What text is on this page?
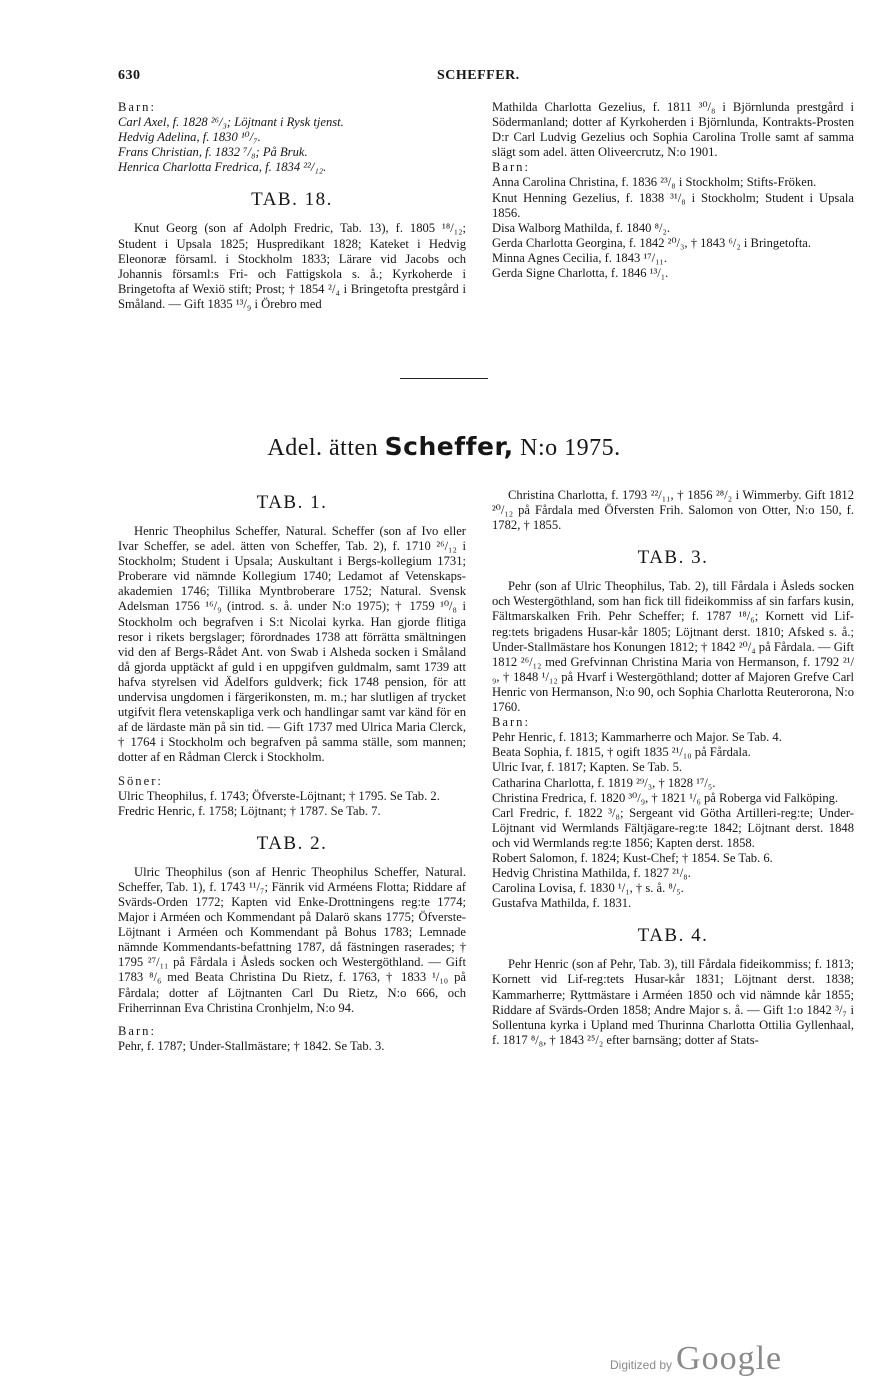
630	SCHEFFER.

Barn:

Carl Axel, f. 1828 ²⁶/₃; Löjtnant i Rysk tjenst.

Hedvig Adelina, f. 1830 ¹⁰/₇.

Frans Christian, f. 1832 ⁷/₈; På Bruk.

Henrica Charlotta Fredrica, f. 1834 ²²/₁₂.

TAB. 18.

Knut Georg (son af Adolph Fredric, Tab. 13), f. 1805 ¹⁸/₁₂; Student i Upsala 1825; Huspredikant 1828; Kateket i Hedvig Eleonoræ församl. i Stockholm 1833; Lärare vid Jacobs och Johannis församl:s Fri- och Fattigskola s. å.; Kyrkoherde i Bringetofta af Wexiö stift; Prost; † 1854 ²/₄ i Bringetofta prestgård i Småland. — Gift 1835 ¹³/₉ i Örebro med

Mathilda Charlotta Gezelius, f. 1811 ³⁰/₈ i Björnlunda prestgård i Södermanland; dotter af Kyrkoherden i Björnlunda, Kontrakts-Prosten D:r Carl Ludvig Gezelius och Sophia Carolina Trolle samt af samma slägt som adel. ätten Oliveercrutz, N:o 1901.

Barn:

Anna Carolina Christina, f. 1836 ²³/₈ i Stockholm; Stifts-Fröken.

Knut Henning Gezelius, f. 1838 ³¹/₈ i Stockholm; Student i Upsala 1856.

Disa Walborg Mathilda, f. 1840 ⁸/₂.

Gerda Charlotta Georgina, f. 1842 ²⁰/₃, † 1843 ⁶/₂ i Bringetofta.

Minna Agnes Cecilia, f. 1843 ¹⁷/₁₁.

Gerda Signe Charlotta, f. 1846 ¹³/₁.

Adel. ätten Scheffer, N:o 1975.
TAB. 1.

Henric Theophilus Scheffer, Natural. Scheffer (son af Ivo eller Ivar Scheffer, se adel. ätten von Scheffer, Tab. 2), f. 1710 ²⁶/₁₂ i Stockholm; Student i Upsala; Auskultant i Bergs-kollegium 1731; Proberare vid nämnde Kollegium 1740; Ledamot af Vetenskaps-akademien 1746; Tillika Myntbroberare 1752; Natural. Svensk Adelsman 1756 ¹⁶/₉ (introd. s. å. under N:o 1975); † 1759 ¹⁰/₈ i Stockholm och begrafven i S:t Nicolai kyrka. Han gjorde flitiga resor i rikets bergslager; förordnades 1738 att förrätta smältningen vid den af Bergs-Rådet Ant. von Swab i Alsheda socken i Småland då gjorda upptäckt af guld i en uppgifven guldmalm, samt 1739 att hafva styrelsen vid Ädelfors guldverk; fick 1748 pension, för att undervisa ungdomen i färgerikonsten, m. m.; har slutligen af trycket utgifvit flera vetenskapliga verk och handlingar samt var känd för en af de lärdaste män på sin tid. — Gift 1737 med Ulrica Maria Clerck, † 1764 i Stockholm och begrafven på samma ställe, som mannen; dotter af en Rådman Clerck i Stockholm.

Söner:

Ulric Theophilus, f. 1743; Öfverste-Löjtnant; † 1795. Se Tab. 2.

Fredric Henric, f. 1758; Löjtnant; † 1787. Se Tab. 7.

TAB. 2.

Ulric Theophilus (son af Henric Theophilus Scheffer, Natural. Scheffer, Tab. 1), f. 1743 ¹¹/₇; Fänrik vid Arméens Flotta; Riddare af Svärds-Orden 1772; Kapten vid Enke-Drottningens reg:te 1774; Major i Arméen och Kommendant på Dalarö skans 1775; Öfverste-Löjtnant i Arméen och Kommendant på Bohus 1783; Lemnade nämnde Kommendants-befattning 1787, då fästningen raserades; † 1795 ²⁷/₁₁ på Fårdala i Åsleds socken och Westergöthland. — Gift 1783 ⁸/₆ med Beata Christina Du Rietz, f. 1763, † 1833 ¹/₁₀ på Fårdala; dotter af Löjtnanten Carl Du Rietz, N:o 666, och Friherrinnan Eva Christina Cronhjelm, N:o 94.

Barn:

Pehr, f. 1787; Under-Stallmästare; † 1842. Se Tab. 3.

Christina Charlotta, f. 1793 ²²/₁₁, † 1856 ²⁸/₂ i Wimmerby. Gift 1812 ²⁰/₁₂ på Fårdala med Öfversten Frih. Salomon von Otter, N:o 150, f. 1782, † 1855.

TAB. 3.

Pehr (son af Ulric Theophilus, Tab. 2), till Fårdala i Åsleds socken och Westergöthland, som han fick till fideikommiss af sin farfars kusin, Fältmarskalken Frih. Pehr Scheffer; f. 1787 ¹⁸/₆; Kornett vid Lif-reg:tets brigadens Husar-kår 1805; Löjtnant derst. 1810; Afsked s. å.; Under-Stallmästare hos Konungen 1812; † 1842 ²⁰/₄ på Fårdala. — Gift 1812 ²⁶/₁₂ med Grefvinnan Christina Maria von Hermanson, f. 1792 ²¹/₉, † 1848 ¹/₁₂ på Hvarf i Westergöthland; dotter af Majoren Grefve Carl Henric von Hermanson, N:o 90, och Sophia Charlotta Reuterorona, N:o 1760.

Barn:

Pehr Henric, f. 1813; Kammarherre och Major. Se Tab. 4.

Beata Sophia, f. 1815, † ogift 1835 ²¹/₁₀ på Fårdala.

Ulric Ivar, f. 1817; Kapten. Se Tab. 5.

Catharina Charlotta, f. 1819 ²⁹/₃, † 1828 ¹⁷/₅.

Christina Fredrica, f. 1820 ³⁰/₉, † 1821 ¹/₆ på Roberga vid Falköping.

Carl Fredric, f. 1822 ³/₈; Sergeant vid Götha Artilleri-reg:te; Under-Löjtnant vid Wermlands Fältjägare-reg:te 1842; Löjtnant derst. 1848 och vid Wermlands reg:te 1856; Kapten derst. 1858.

Robert Salomon, f. 1824; Kust-Chef; † 1854. Se Tab. 6.

Hedvig Christina Mathilda, f. 1827 ²¹/₈.

Carolina Lovisa, f. 1830 ¹/₁, † s. å. ⁸/₅.

Gustafva Mathilda, f. 1831.

TAB. 4.

Pehr Henric (son af Pehr, Tab. 3), till Fårdala fideikommiss; f. 1813; Kornett vid Lif-reg:tets Husar-kår 1831; Löjtnant derst. 1838; Kammarherre; Ryttmästare i Arméen 1850 och vid nämnde kår 1855; Riddare af Svärds-Orden 1858; Andre Major s. å. — Gift 1:o 1842 ³/₇ i Sollentuna kyrka i Upland med Thurinna Charlotta Ottilia Gyllenhaal, f. 1817 ⁸/₈, † 1843 ²⁵/₂ efter barnsäng; dotter af Stats-

Digitized by Google
